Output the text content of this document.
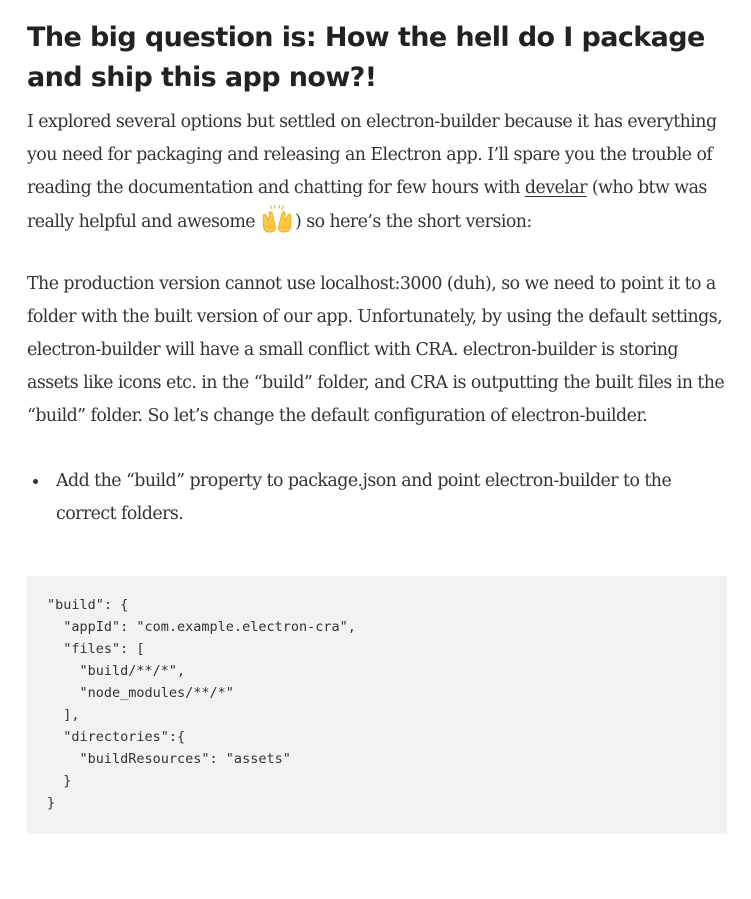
The big question is: How the hell do I package and ship this app now?!

I explored several options but settled on electron-builder because it has everything you need for packaging and releasing an Electron app. I’ll spare you the trouble of reading the documentation and chatting for few hours with develar (who btw was really helpful and awesome ) so here’s the short version:

The production version cannot use localhost:3000 (duh), so we need to point it to a folder with the built version of our app. Unfortunately, by using the default settings, electron-builder will have a small conflict with CRA. electron-builder is storing assets like icons etc. in the “build” folder, and CRA is outputting the built files in the “build” folder. So let’s change the default configuration of electron-builder.

Add the “build” property to package.json and point electron-builder to the correct folders.
"build": {
"appId": "com.example.electron-cra",
"files": [
"build/**/*",
"node_modules/**/*"
],
"directories":{
"buildResources": "assets"
}
}
